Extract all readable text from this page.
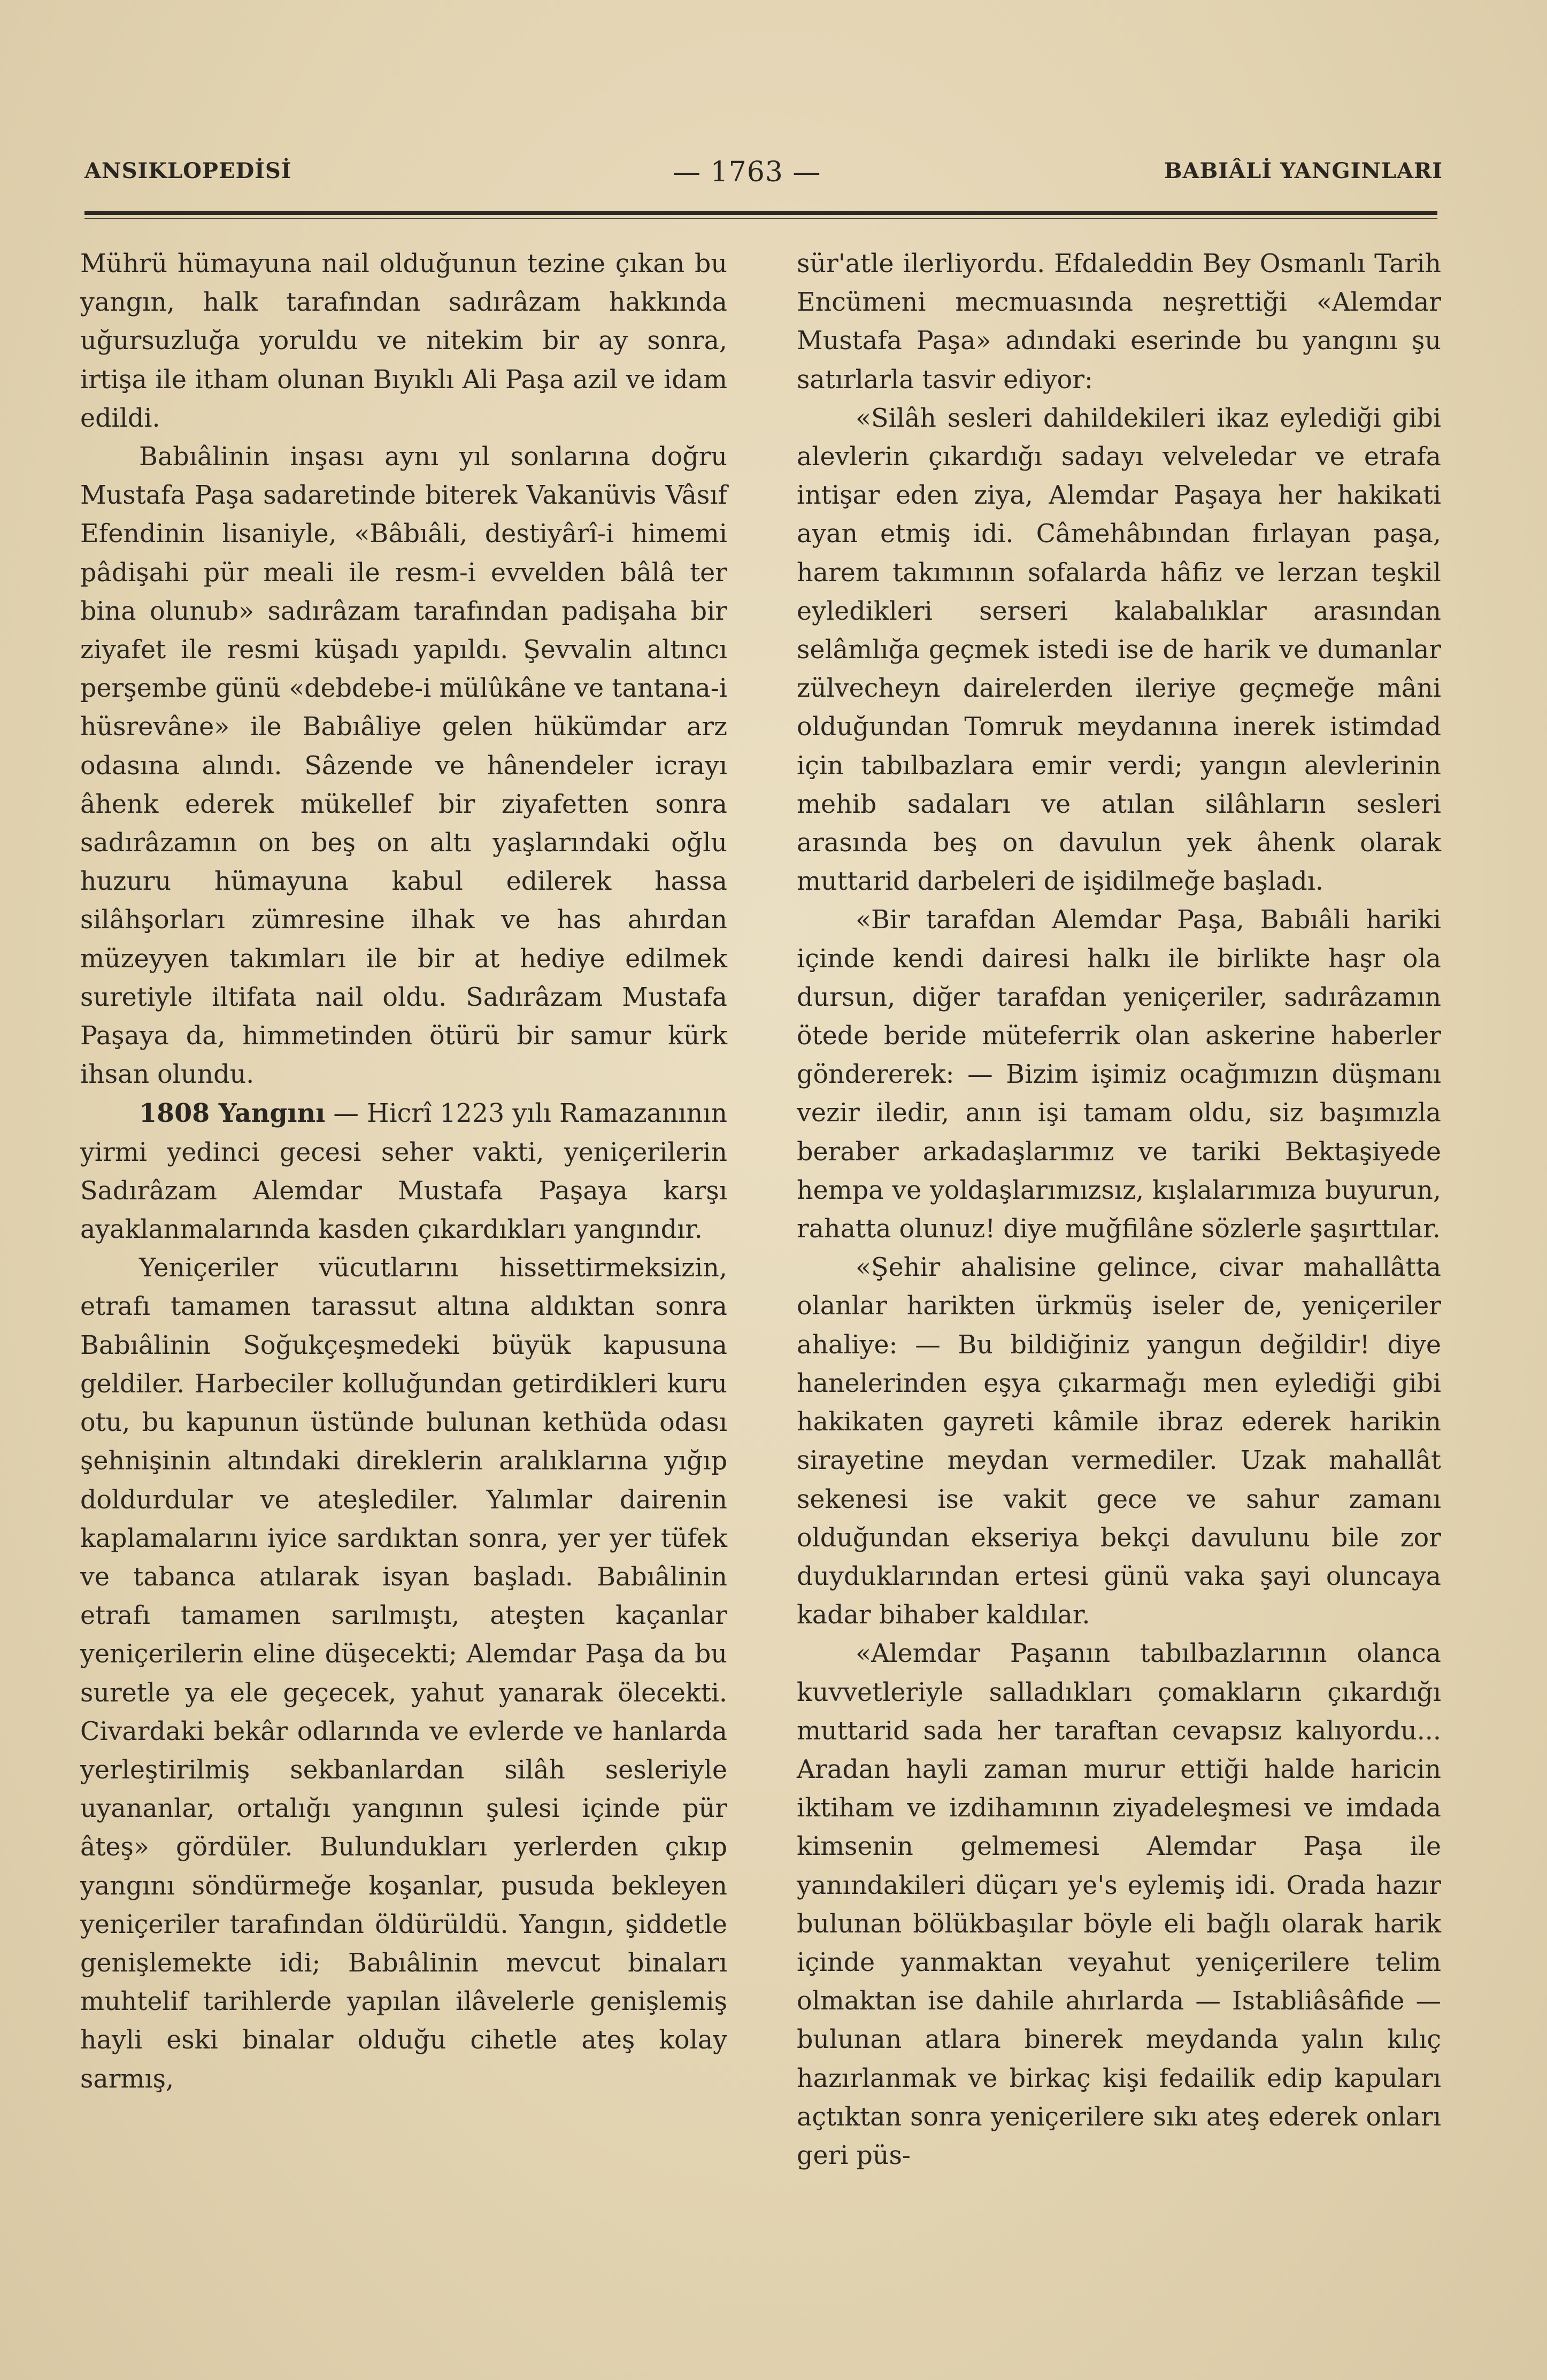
ANSIKLOPEDİSİ	— 1763 —	BABIÂLİ YANGINLARI

Mührü hümayuna nail olduğunun tezine çıkan bu yangın, halk tarafından sadırâzam hakkında uğursuzluğa yoruldu ve nitekim bir ay sonra, irtişa ile itham olunan Bıyıklı Ali Paşa azil ve idam edildi.

Babıâlinin inşası aynı yıl sonlarına doğru Mustafa Paşa sadaretinde biterek Vakanüvis Vâsıf Efendinin lisaniyle, «Bâbıâli, destiyârî-i himemi pâdişahi pür meali ile resm-i evvelden bâlâ ter bina olunub» sadırâzam tarafından padişaha bir ziyafet ile resmi küşadı yapıldı. Şevvalin altıncı perşembe günü «debdebe-i mülûkâne ve tantana-i hüsrevâne» ile Babıâliye gelen hükümdar arz odasına alındı. Sâzende ve hânendeler icrayı âhenk ederek mükellef bir ziyafetten sonra sadırâzamın on beş on altı yaşlarındaki oğlu huzuru hümayuna kabul edilerek hassa silâhşorları zümresine ilhak ve has ahırdan müzeyyen takımları ile bir at hediye edilmek suretiyle iltifata nail oldu. Sadırâzam Mustafa Paşaya da, himmetinden ötürü bir samur kürk ihsan olundu.

1808 Yangını — Hicrî 1223 yılı Ramazanının yirmi yedinci gecesi seher vakti, yeniçerilerin Sadırâzam Alemdar Mustafa Paşaya karşı ayaklanmalarında kasden çıkardıkları yangındır.

Yeniçeriler vücutlarını hissettirmeksizin, etrafı tamamen tarassut altına aldıktan sonra Babıâlinin Soğukçeşmedeki büyük kapusuna geldiler. Harbeciler kolluğundan getirdikleri kuru otu, bu kapunun üstünde bulunan kethüda odası şehnişinin altındaki direklerin aralıklarına yığıp doldurdular ve ateşlediler. Yalımlar dairenin kaplamalarını iyice sardıktan sonra, yer yer tüfek ve tabanca atılarak isyan başladı. Babıâlinin etrafı tamamen sarılmıştı, ateşten kaçanlar yeniçerilerin eline düşecekti; Alemdar Paşa da bu suretle ya ele geçecek, yahut yanarak ölecekti. Civardaki bekâr odlarında ve evlerde ve hanlarda yerleştirilmiş sekbanlardan silâh sesleriyle uyananlar, ortalığı yangının şulesi içinde pür âteş» gördüler. Bulundukları yerlerden çıkıp yangını söndürmeğe koşanlar, pusuda bekleyen yeniçeriler tarafından öldürüldü. Yangın, şiddetle genişlemekte idi; Babıâlinin mevcut binaları muhtelif tarihlerde yapılan ilâvelerle genişlemiş hayli eski binalar olduğu cihetle ateş kolay sarmış,

sür'atle ilerliyordu. Efdaleddin Bey Osmanlı Tarih Encümeni mecmuasında neşrettiği «Alemdar Mustafa Paşa» adındaki eserinde bu yangını şu satırlarla tasvir ediyor:

«Silâh sesleri dahildekileri ikaz eylediği gibi alevlerin çıkardığı sadayı velveledar ve etrafa intişar eden ziya, Alemdar Paşaya her hakikati ayan etmiş idi. Câmehâbından fırlayan paşa, harem takımının sofalarda hâfiz ve lerzan teşkil eyledikleri serseri kalabalıklar arasından selâmlığa geçmek istedi ise de harik ve dumanlar zülvecheyn dairelerden ileriye geçmeğe mâni olduğundan Tomruk meydanına inerek istimdad için tabılbazlara emir verdi; yangın alevlerinin mehib sadaları ve atılan silâhların sesleri arasında beş on davulun yek âhenk olarak muttarid darbeleri de işidilmeğe başladı.

«Bir tarafdan Alemdar Paşa, Babıâli hariki içinde kendi dairesi halkı ile birlikte haşr ola dursun, diğer tarafdan yeniçeriler, sadırâzamın ötede beride müteferrik olan askerine haberler göndererek: — Bizim işimiz ocağımızın düşmanı vezir iledir, anın işi tamam oldu, siz başımızla beraber arkadaşlarımız ve tariki Bektaşiyede hempa ve yoldaşlarımızsız, kışlalarımıza buyurun, rahatta olunuz! diye muğfilâne sözlerle şaşırttılar.

«Şehir ahalisine gelince, civar mahallâtta olanlar harikten ürkmüş iseler de, yeniçeriler ahaliye: — Bu bildiğiniz yangun değildir! diye hanelerinden eşya çıkarmağı men eylediği gibi hakikaten gayreti kâmile ibraz ederek harikin sirayetine meydan vermediler. Uzak mahallât sekenesi ise vakit gece ve sahur zamanı olduğundan ekseriya bekçi davulunu bile zor duyduklarından ertesi günü vaka şayi oluncaya kadar bihaber kaldılar.

«Alemdar Paşanın tabılbazlarının olanca kuvvetleriyle salladıkları çomakların çıkardığı muttarid sada her taraftan cevapsız kalıyordu... Aradan hayli zaman murur ettiği halde haricin iktiham ve izdihamının ziyadeleşmesi ve imdada kimsenin gelmemesi Alemdar Paşa ile yanındakileri düçarı ye's eylemiş idi. Orada hazır bulunan bölükbaşılar böyle eli bağlı olarak harik içinde yanmaktan veyahut yeniçerilere telim olmaktan ise dahile ahırlarda — Istabliâsâfide — bulunan atlara binerek meydanda yalın kılıç hazırlanmak ve birkaç kişi fedailik edip kapuları açtıktan sonra yeniçerilere sıkı ateş ederek onları geri püs-
